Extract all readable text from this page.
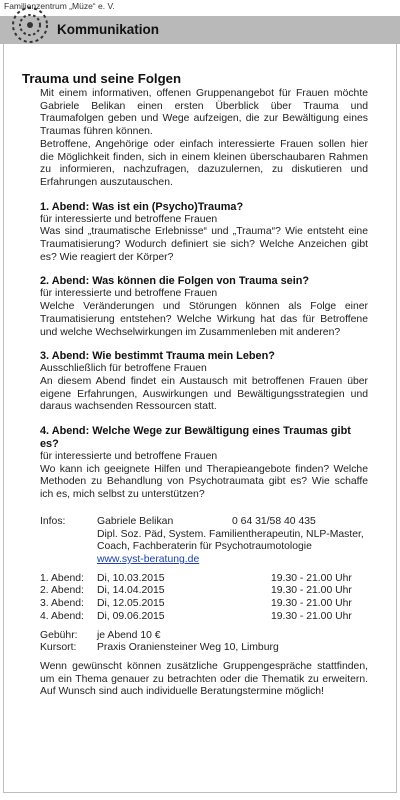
Familienzentrum „Müze“ e. V.
Kommunikation
Trauma und seine Folgen

Mit einem informativen, offenen Gruppenangebot für Frauen möchte Gabriele Belikan einen ersten Überblick über Trauma und Traumafolgen geben und Wege aufzeigen, die zur Bewältigung eines Traumas führen können.

Betroffene, Angehörige oder einfach interessierte Frauen sollen hier die Möglichkeit finden, sich in einem kleinen überschaubaren Rahmen zu informieren, nachzufragen, dazuzulernen, zu diskutieren und Erfahrungen auszutauschen.

1. Abend: Was ist ein (Psycho)Trauma?

für interessierte und betroffene Frauen

Was sind „traumatische Erlebnisse“ und „Trauma“? Wie entsteht eine Traumatisierung? Wodurch definiert sie sich? Welche Anzeichen gibt es? Wie reagiert der Körper?

2. Abend: Was können die Folgen von Trauma sein?

für interessierte und betroffene Frauen

Welche Veränderungen und Störungen können als Folge einer Traumatisierung entstehen? Welche Wirkung hat das für Betroffene und welche Wechselwirkungen im Zusammenleben mit anderen?

3. Abend: Wie bestimmt Trauma mein Leben?

Ausschließlich für betroffene Frauen

An diesem Abend findet ein Austausch mit betroffenen Frauen über eigene Erfahrungen, Auswirkungen und Bewältigungsstrategien und daraus wachsenden Ressourcen statt.

4. Abend: Welche Wege zur Bewältigung eines Traumas gibt es?

für interessierte und betroffene Frauen

Wo kann ich geeignete Hilfen und Therapieangebote finden? Welche Methoden zu Behandlung von Psychotraumata gibt es? Wie schaffe ich es, mich selbst zu unterstützen?

Infos:	Gabriele Belikan	0 64 31/58 40 435
Dipl. Soz. Päd, System. Familientherapeutin, NLP-Master, Coach, Fachberaterin für Psychotraumotologie
www.syst-beratung.de
1. Abend:	Di, 10.03.2015	19.30 - 21.00 Uhr
2. Abend:	Di, 14.04.2015	19.30 - 21.00 Uhr
3. Abend:	Di, 12.05.2015	19.30 - 21.00 Uhr
4. Abend:	Di, 09.06.2015	19.30 - 21.00 Uhr
Gebühr:	je Abend 10 €
Kursort:	Praxis Oraniensteiner Weg 10, Limburg

Wenn gewünscht können zusätzliche Gruppengespräche stattfinden, um ein Thema genauer zu betrachten oder die Thematik zu erweitern. Auf Wunsch sind auch individuelle Beratungstermine möglich!
